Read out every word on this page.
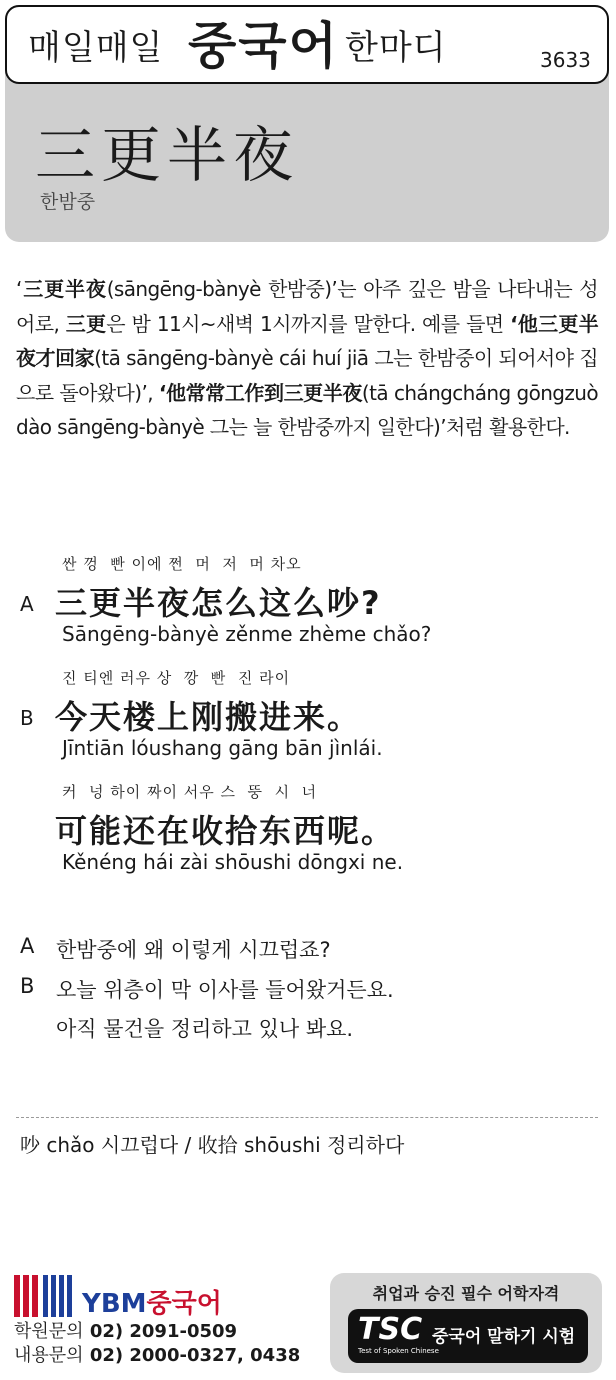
매일매일 중국어 한마디	3633
三更半夜
한밤중
‘三更半夜(sāngēng-bànyè 한밤중)’는 아주 깊은 밤을 나타내는 성어로, 三更은 밤 11시~새벽 1시까지를 말한다. 예를 들면 ‘他三更半夜才回家(tā sāngēng-bànyè cái huí jiā 그는 한밤중이 되어서야 집으로 돌아왔다)’, ‘他常常工作到三更半夜(tā chángcháng gōngzuò dào sāngēng-bànyè 그는 늘 한밤중까지 일한다)’처럼 활용한다.
싼 껑  빤 이에 쩐  머  저  머 차오
A 三更半夜怎么这么吵?
Sāngēng-bànyè zěnme zhème chǎo?
진 티엔 러우 상  깡  빤  진 라이
B 今天楼上刚搬进来。
Jīntiān lóushang gāng bān jìnlái.
커  넝 하이 짜이 서우 스  뚱  시  너
可能还在收拾东西呢。
Kěnéng hái zài shōushi dōngxi ne.
A 한밤중에 왜 이렇게 시끄럽죠?
B 오늘 위층이 막 이사를 들어왔거든요.
아직 물건을 정리하고 있나 봐요.
吵 chǎo 시끄럽다 / 收拾 shōushi 정리하다
YBM중국어
학원문의 02) 2091-0509
내용문의 02) 2000-0327, 0438
취업과 승진 필수 어학자격
TSC
Test of Spoken Chinese
중국어 말하기 시험
